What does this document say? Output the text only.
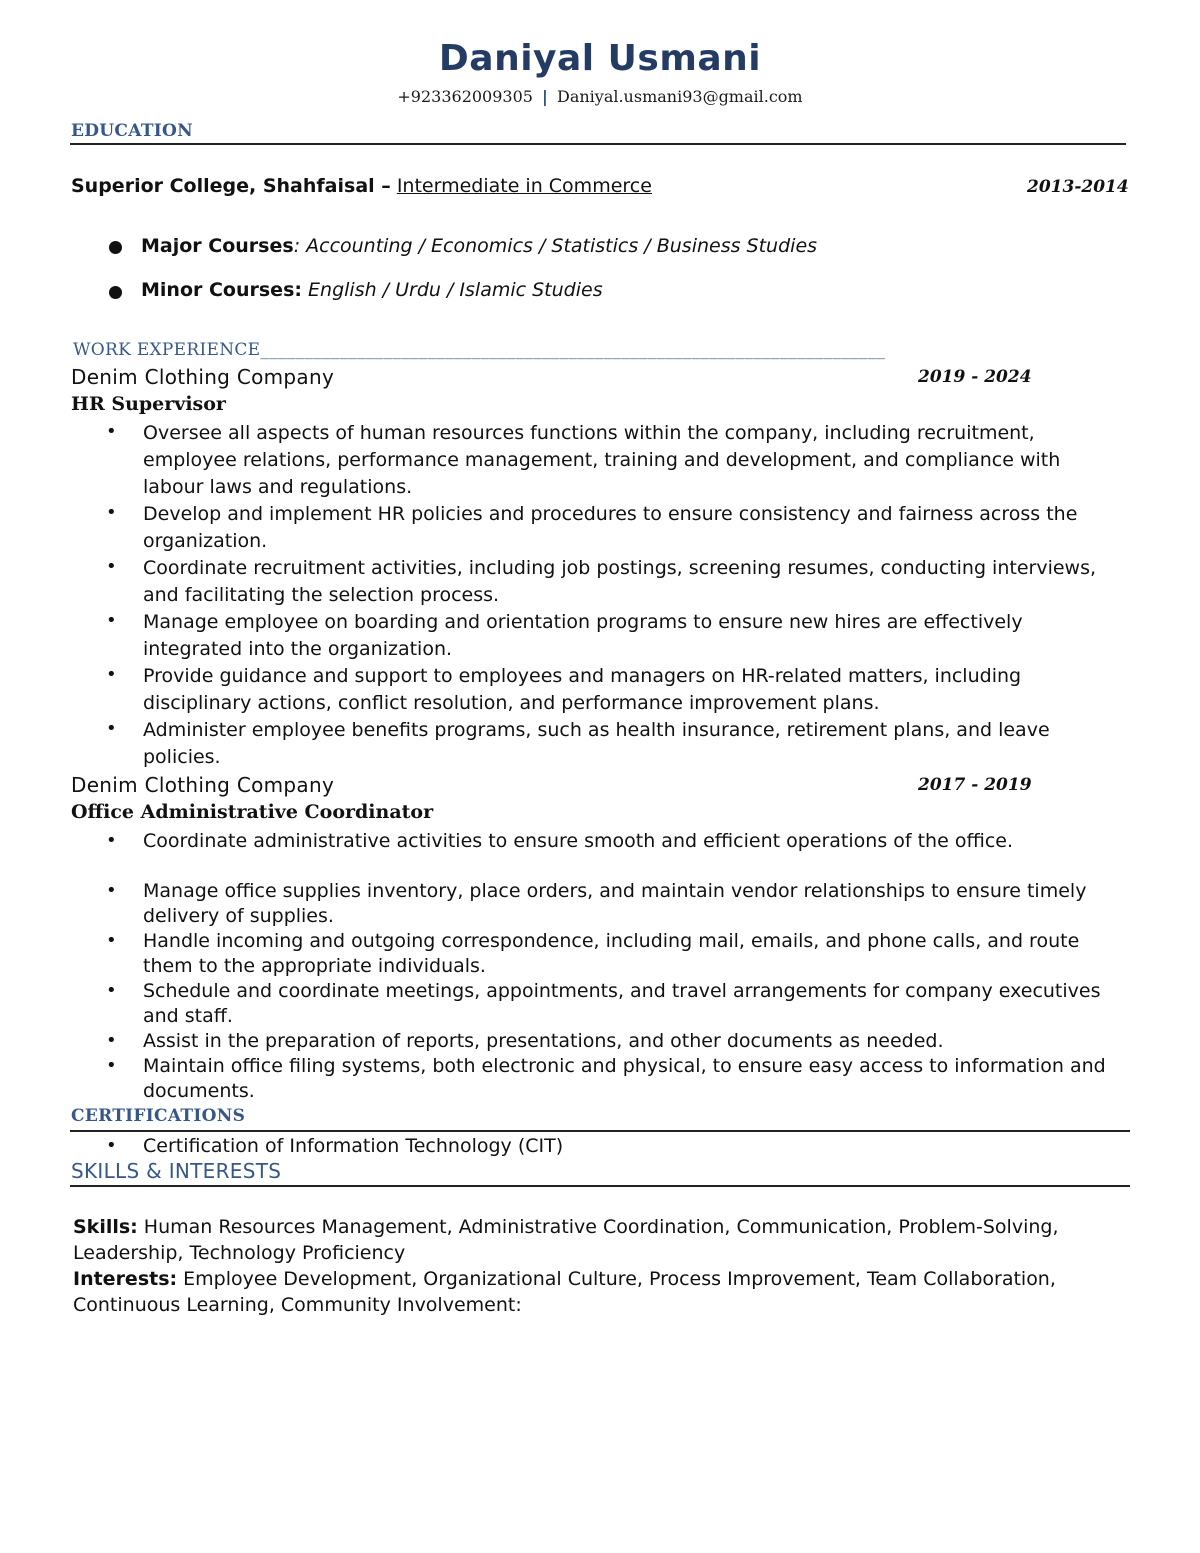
Daniyal Usmani
+923362009305 | Daniyal.usmani93@gmail.com
EDUCATION
Superior College, Shahfaisal – Intermediate in Commerce	2013-2014
Major Courses: Accounting / Economics / Statistics / Business Studies
Minor Courses: English / Urdu / Islamic Studies
WORK EXPERIENCE_______________________________________________________________________
Denim Clothing Company	2019 - 2024
HR Supervisor
• Oversee all aspects of human resources functions within the company, including recruitment, employee relations, performance management, training and development, and compliance with labour laws and regulations.
• Develop and implement HR policies and procedures to ensure consistency and fairness across the organization.
• Coordinate recruitment activities, including job postings, screening resumes, conducting interviews, and facilitating the selection process.
• Manage employee on boarding and orientation programs to ensure new hires are effectively integrated into the organization.
• Provide guidance and support to employees and managers on HR-related matters, including disciplinary actions, conflict resolution, and performance improvement plans.
• Administer employee benefits programs, such as health insurance, retirement plans, and leave policies.
Denim Clothing Company	2017 - 2019
Office Administrative Coordinator
• Coordinate administrative activities to ensure smooth and efficient operations of the office.
• Manage office supplies inventory, place orders, and maintain vendor relationships to ensure timely delivery of supplies.
• Handle incoming and outgoing correspondence, including mail, emails, and phone calls, and route them to the appropriate individuals.
• Schedule and coordinate meetings, appointments, and travel arrangements for company executives and staff.
• Assist in the preparation of reports, presentations, and other documents as needed.
• Maintain office filing systems, both electronic and physical, to ensure easy access to information and documents.
CERTIFICATIONS
• Certification of Information Technology (CIT)
SKILLS & INTERESTS
Skills: Human Resources Management, Administrative Coordination, Communication, Problem-Solving, Leadership, Technology Proficiency
Interests: Employee Development, Organizational Culture, Process Improvement, Team Collaboration, Continuous Learning, Community Involvement:
